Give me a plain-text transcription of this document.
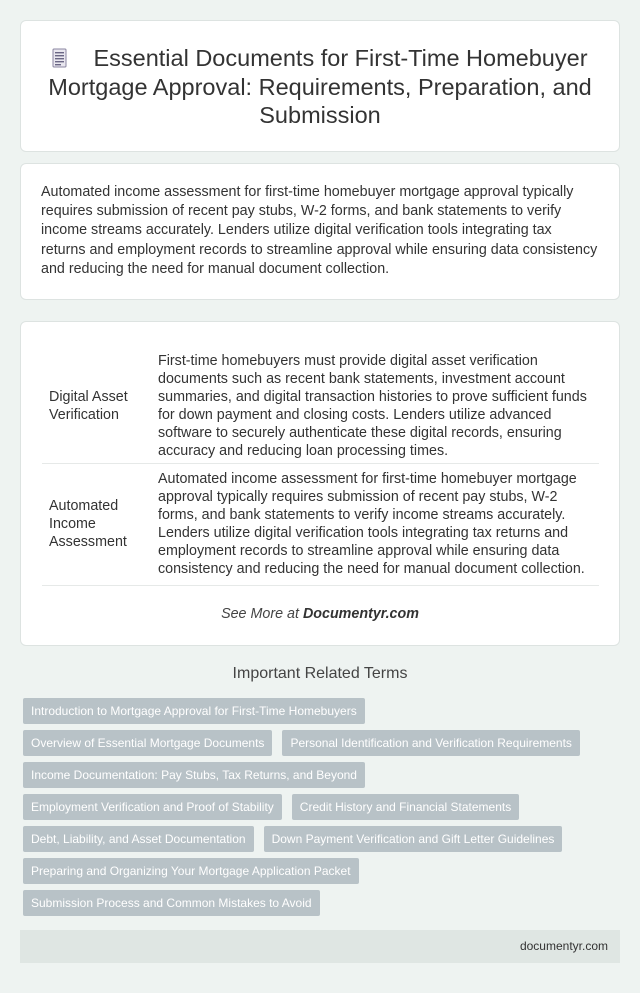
Essential Documents for First-Time Homebuyer Mortgage Approval: Requirements, Preparation, and Submission

Automated income assessment for first-time homebuyer mortgage approval typically requires submission of recent pay stubs, W-2 forms, and bank statements to verify income streams accurately. Lenders utilize digital verification tools integrating tax returns and employment records to streamline approval while ensuring data consistency and reducing the need for manual document collection.

Digital Asset Verification	First-time homebuyers must provide digital asset verification documents such as recent bank statements, investment account summaries, and digital transaction histories to prove sufficient funds for down payment and closing costs. Lenders utilize advanced software to securely authenticate these digital records, ensuring accuracy and reducing loan processing times.
Automated Income Assessment	Automated income assessment for first-time homebuyer mortgage approval typically requires submission of recent pay stubs, W-2 forms, and bank statements to verify income streams accurately. Lenders utilize digital verification tools integrating tax returns and employment records to streamline approval while ensuring data consistency and reducing the need for manual document collection.
See More at Documentyr.com
Important Related Terms
Introduction to Mortgage Approval for First-Time Homebuyers
Overview of Essential Mortgage Documents	Personal Identification and Verification Requirements
Income Documentation: Pay Stubs, Tax Returns, and Beyond
Employment Verification and Proof of Stability	Credit History and Financial Statements
Debt, Liability, and Asset Documentation	Down Payment Verification and Gift Letter Guidelines
Preparing and Organizing Your Mortgage Application Packet
Submission Process and Common Mistakes to Avoid
documentyr.com
